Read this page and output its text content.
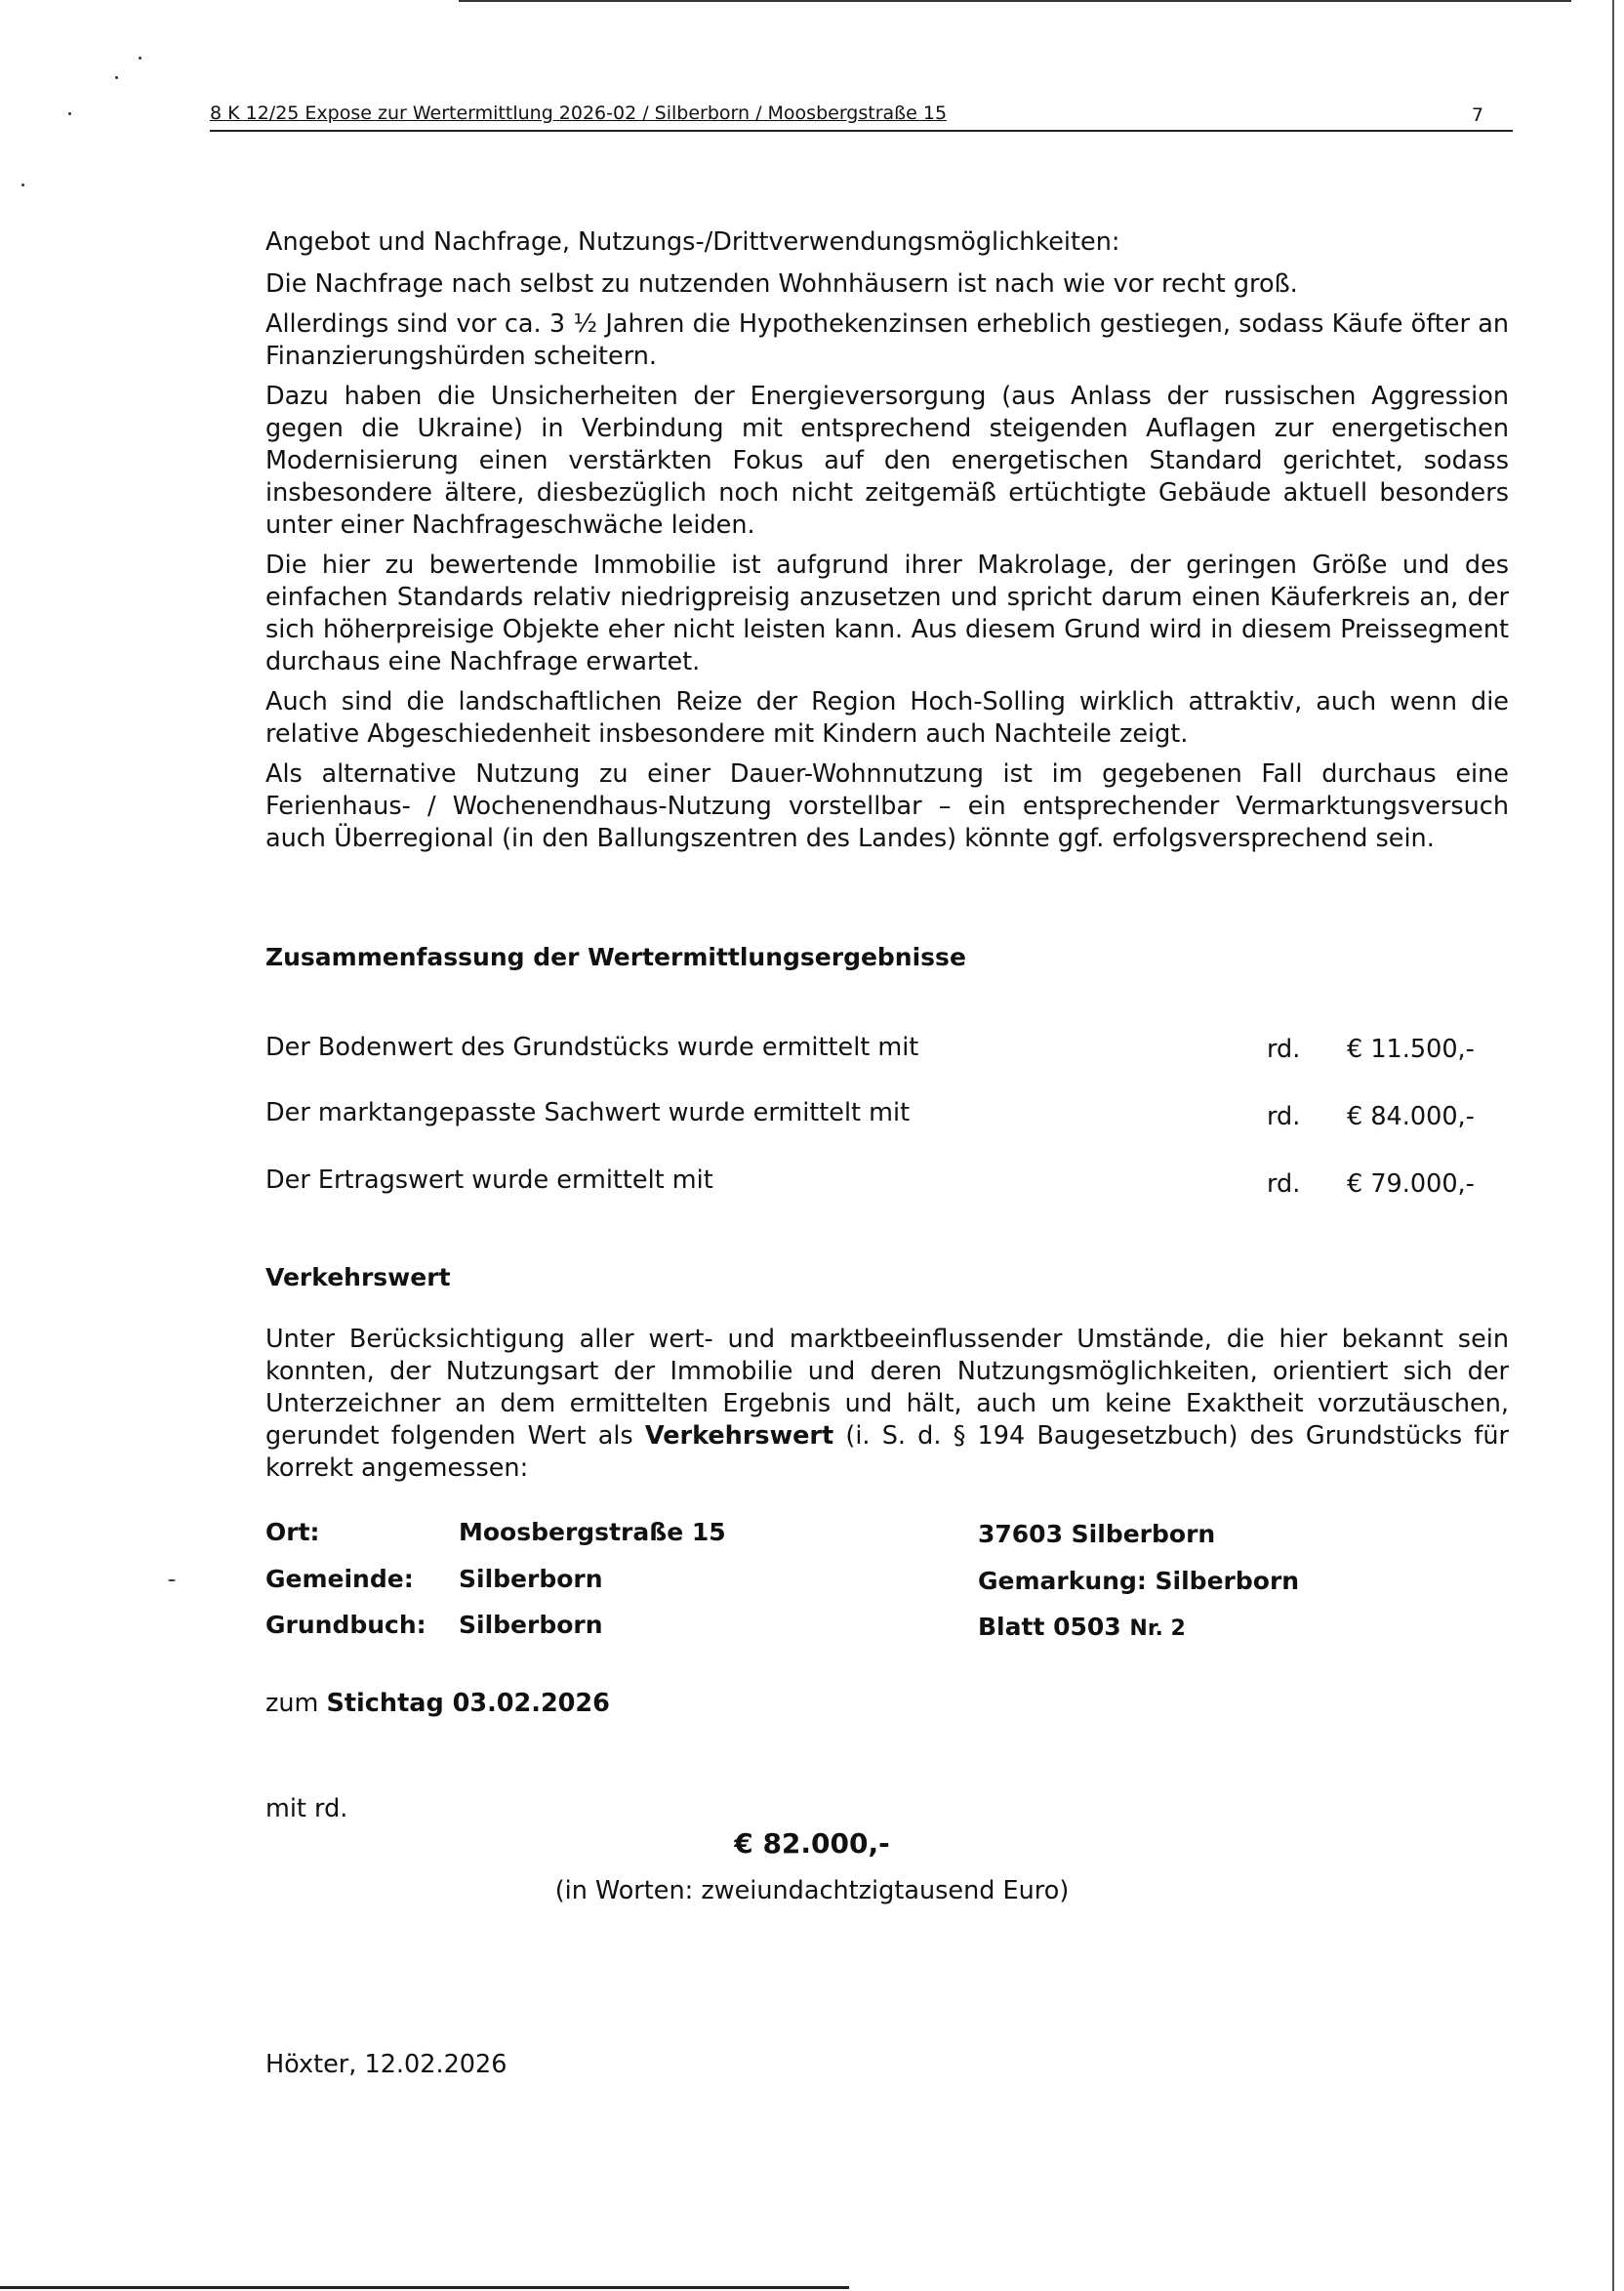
8 K 12/25 Expose zur Wertermittlung 2026-02 / Silberborn / Moosbergstraße 15	7

Angebot und Nachfrage, Nutzungs-/Drittverwendungsmöglichkeiten:

Die Nachfrage nach selbst zu nutzenden Wohnhäusern ist nach wie vor recht groß.

Allerdings sind vor ca. 3 ½ Jahren die Hypothekenzinsen erheblich gestiegen, sodass Käufe öfter an Finanzierungshürden scheitern.

Dazu haben die Unsicherheiten der Energieversorgung (aus Anlass der russischen Aggression gegen die Ukraine) in Verbindung mit entsprechend steigenden Auflagen zur energetischen Modernisierung einen verstärkten Fokus auf den energetischen Standard gerichtet, sodass insbesondere ältere, diesbezüglich noch nicht zeitgemäß ertüchtigte Gebäude aktuell besonders unter einer Nachfrageschwäche leiden.

Die hier zu bewertende Immobilie ist aufgrund ihrer Makrolage, der geringen Größe und des einfachen Standards relativ niedrigpreisig anzusetzen und spricht darum einen Käuferkreis an, der sich höherpreisige Objekte eher nicht leisten kann. Aus diesem Grund wird in diesem Preissegment durchaus eine Nachfrage erwartet.

Auch sind die landschaftlichen Reize der Region Hoch-Solling wirklich attraktiv, auch wenn die relative Abgeschiedenheit insbesondere mit Kindern auch Nachteile zeigt.

Als alternative Nutzung zu einer Dauer-Wohnnutzung ist im gegebenen Fall durchaus eine Ferienhaus- / Wochenendhaus-Nutzung vorstellbar – ein entsprechender Vermarktungsversuch auch Überregional (in den Ballungszentren des Landes) könnte ggf. erfolgsversprechend sein.

Zusammenfassung der Wertermittlungsergebnisse
Der Bodenwert des Grundstücks wurde ermittelt mit	rd. € 11.500,-
Der marktangepasste Sachwert wurde ermittelt mit	rd. € 84.000,-
Der Ertragswert wurde ermittelt mit	rd. € 79.000,-
Verkehrswert

Unter Berücksichtigung aller wert- und marktbeeinflussender Umstände, die hier bekannt sein konnten, der Nutzungsart der Immobilie und deren Nutzungsmöglichkeiten, orientiert sich der Unterzeichner an dem ermittelten Ergebnis und hält, auch um keine Exaktheit vorzutäuschen, gerundet folgenden Wert als Verkehrswert (i. S. d. § 194 Baugesetzbuch) des Grundstücks für korrekt angemessen:

Ort:	Moosbergstraße 15	37603 Silberborn
Gemeinde: Silberborn	Gemarkung: Silberborn
Grundbuch: Silberborn	Blatt 0503 Nr. 2
zum Stichtag 03.02.2026
mit rd.
€ 82.000,-
(in Worten: zweiundachtzigtausend Euro)
Höxter, 12.02.2026
